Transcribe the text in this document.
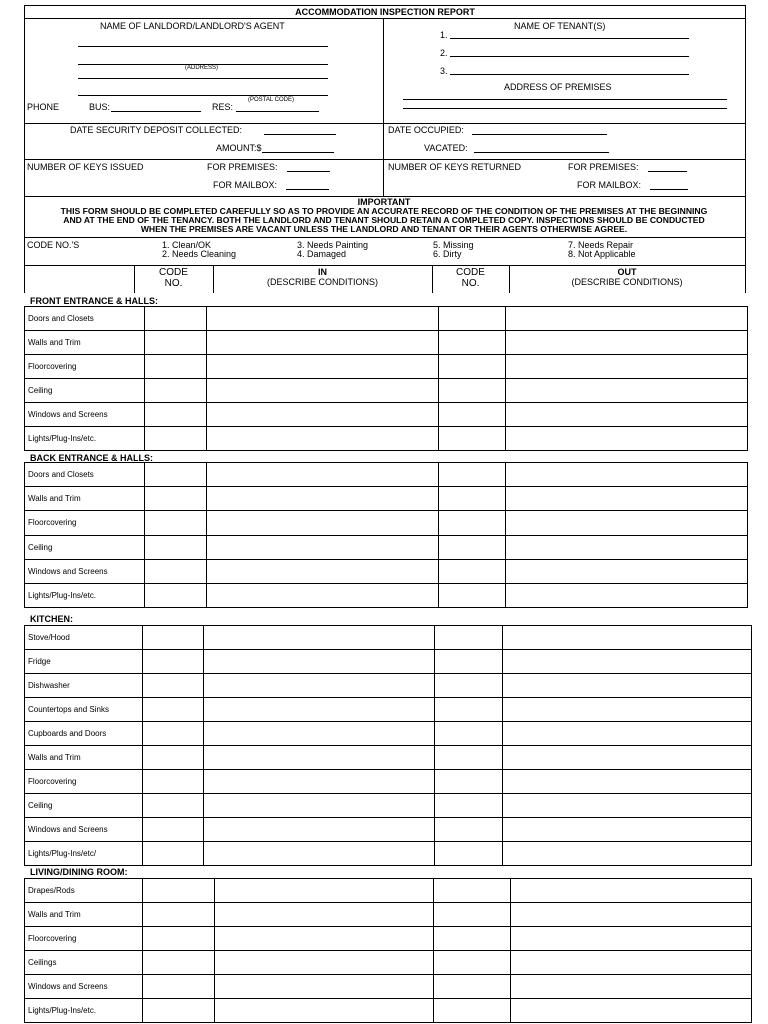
ACCOMMODATION INSPECTION REPORT
NAME OF LANLDORD/LANDLORD'S AGENT
(ADDRESS)
(POSTAL CODE)
PHONE	BUS:	RES:
NAME OF TENANT(S)
1.
2.
3.
ADDRESS OF PREMISES
DATE SECURITY DEPOSIT COLLECTED:
AMOUNT:$
DATE OCCUPIED:
VACATED:
NUMBER OF KEYS ISSUED	FOR PREMISES:
FOR MAILBOX:
NUMBER OF KEYS RETURNED	FOR PREMISES:
FOR MAILBOX:
IMPORTANT
THIS FORM SHOULD BE COMPLETED CAREFULLY SO AS TO PROVIDE AN ACCURATE RECORD OF THE CONDITION OF THE PREMISES AT THE BEGINNING
AND AT THE END OF THE TENANCY. BOTH THE LANDLORD AND TENANT SHOULD RETAIN A COMPLETED COPY. INSPECTIONS SHOULD BE CONDUCTED
WHEN THE PREMISES ARE VACANT UNLESS THE LANDLORD AND TENANT OR THEIR AGENTS OTHERWISE AGREE.
CODE NO.'S	1. Clean/OK
2. Needs Cleaning
3. Needs Painting
4. Damaged
5. Missing
6. Dirty
7. Needs Repair
8. Not Applicable
CODE
NO.
IN
(DESCRIBE CONDITIONS)
CODE
NO.
OUT
(DESCRIBE CONDITIONS)
FRONT ENTRANCE & HALLS:
Doors and Closets				
Walls and Trim				
Floorcovering				
Ceiling				
Windows and Screens				
Lights/Plug-Ins/etc.				
BACK ENTRANCE & HALLS:
Doors and Closets				
Walls and Trim				
Floorcovering				
Ceiling				
Windows and Screens				
Lights/Plug-Ins/etc.				
KITCHEN:
Stove/Hood				
Fridge				
Dishwasher				
Countertops and Sinks				
Cupboards and Doors				
Walls and Trim				
Floorcovering				
Ceiling				
Windows and Screens				
Lights/Plug-Ins/etc/				
LIVING/DINING ROOM:
Drapes/Rods				
Walls and Trim				
Floorcovering				
Ceilings				
Windows and Screens				
Lights/Plug-Ins/etc.				
